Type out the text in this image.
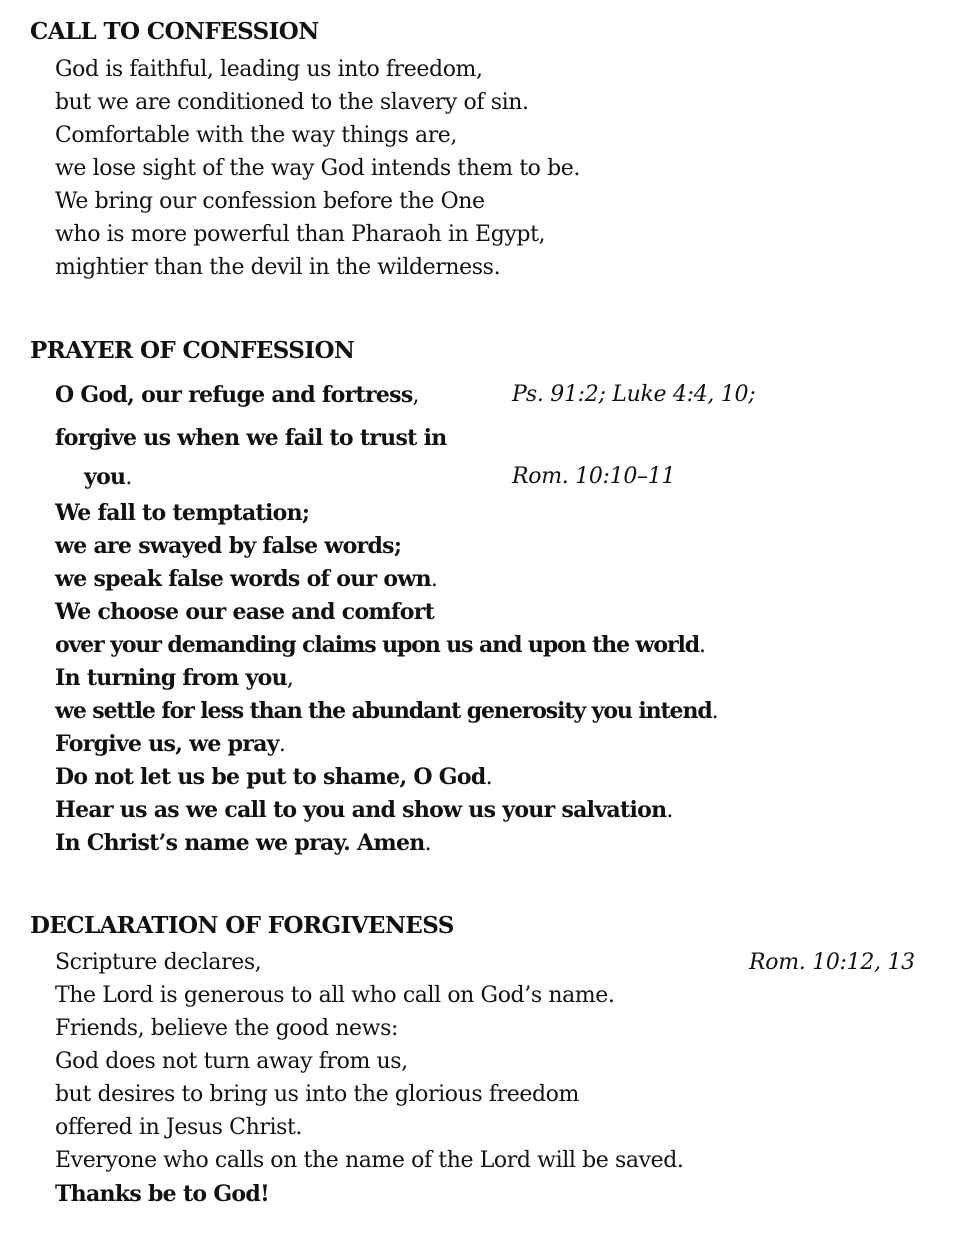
CALL TO CONFESSION
God is faithful, leading us into freedom,
but we are conditioned to the slavery of sin.
Comfortable with the way things are,
we lose sight of the way God intends them to be.
We bring our confession before the One
who is more powerful than Pharaoh in Egypt,
mightier than the devil in the wilderness.
PRAYER OF CONFESSION
O God, our refuge and fortress,	Ps. 91:2; Luke 4:4, 10;
forgive us when we fail to trust in
you.	Rom. 10:10–11
We fall to temptation;
we are swayed by false words;
we speak false words of our own.
We choose our ease and comfort
over your demanding claims upon us and upon the world.
In turning from you,
we settle for less than the abundant generosity you intend.
Forgive us, we pray.
Do not let us be put to shame, O God.
Hear us as we call to you and show us your salvation.
In Christ’s name we pray. Amen.
DECLARATION OF FORGIVENESS
Scripture declares,	Rom. 10:12, 13
The Lord is generous to all who call on God’s name.
Friends, believe the good news:
God does not turn away from us,
but desires to bring us into the glorious freedom
offered in Jesus Christ.
Everyone who calls on the name of the Lord will be saved.
Thanks be to God!
